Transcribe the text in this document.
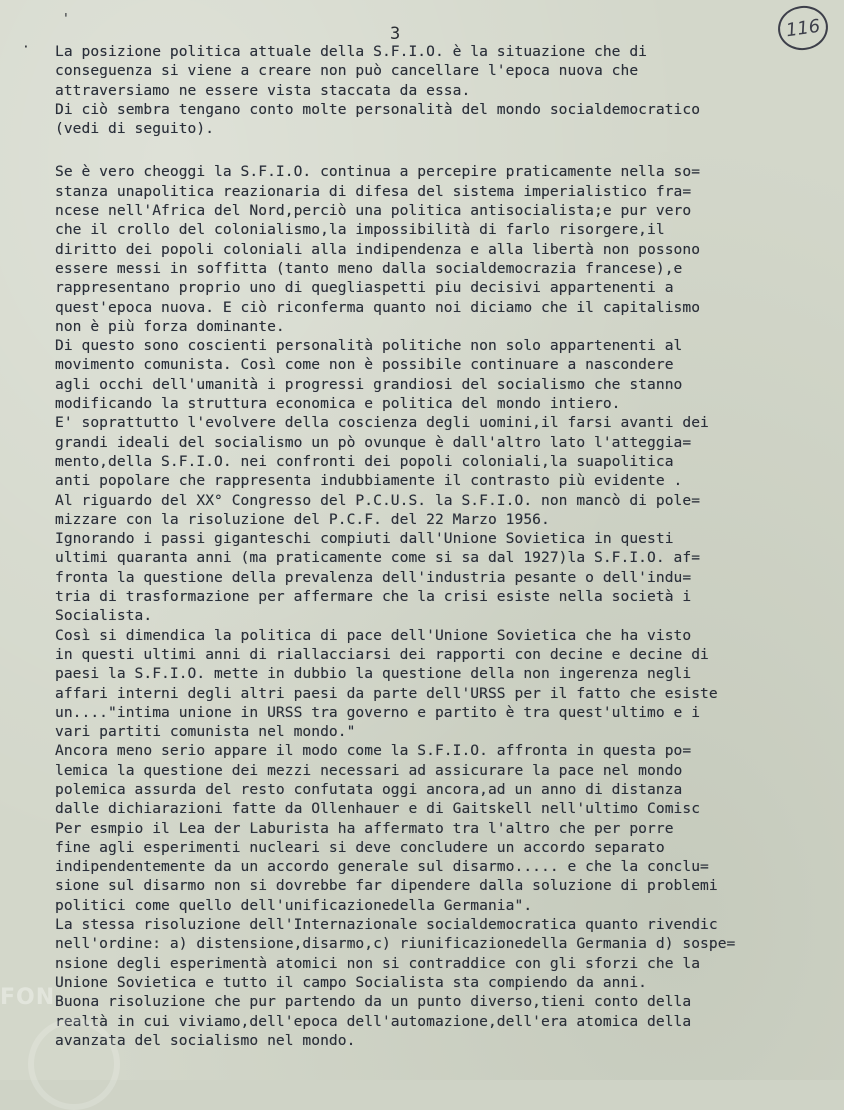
'
·
3	116
La posizione politica attuale della S.F.I.O. è la situazione che di
conseguenza si viene a creare non può cancellare l'epoca nuova che
attraversiamo ne essere vista staccata da essa.
Di ciò sembra tengano conto molte personalità del mondo socialdemocratico
(vedi di seguito).
Se è vero cheoggi la S.F.I.O. continua a percepire praticamente nella so=
stanza unapolitica reazionaria di difesa del sistema imperialistico fra=
ncese nell'Africa del Nord,perciò una politica antisocialista;e pur vero
che il crollo del colonialismo,la impossibilità di farlo risorgere,il
diritto dei popoli coloniali alla indipendenza e alla libertà non possono
essere messi in soffitta (tanto meno dalla socialdemocrazia francese),e
rappresentano proprio uno di quegliaspetti piu decisivi appartenenti a
quest'epoca nuova. E ciò riconferma quanto noi diciamo che il capitalismo
non è più forza dominante.
Di questo sono coscienti personalità politiche non solo appartenenti al
movimento comunista. Così come non è possibile continuare a nascondere
agli occhi dell'umanità i progressi grandiosi del socialismo che stanno
modificando la struttura economica e politica del mondo intiero.
E' soprattutto l'evolvere della coscienza degli uomini,il farsi avanti dei
grandi ideali del socialismo un pò ovunque è dall'altro lato l'atteggia=
mento,della S.F.I.O. nei confronti dei popoli coloniali,la suapolitica
anti popolare che rappresenta indubbiamente il contrasto più evidente .
Al riguardo del XX° Congresso del P.C.U.S. la S.F.I.O. non mancò di pole=
mizzare con la risoluzione del P.C.F. del 22 Marzo 1956.
Ignorando i passi giganteschi compiuti dall'Unione Sovietica in questi
ultimi quaranta anni (ma praticamente come si sa dal 1927)la S.F.I.O. af=
fronta la questione della prevalenza dell'industria pesante o dell'indu=
tria di trasformazione per affermare che la crisi esiste nella società i
Socialista.
Così si dimendica la politica di pace dell'Unione Sovietica che ha visto
in questi ultimi anni di riallacciarsi dei rapporti con decine e decine di
paesi la S.F.I.O. mette in dubbio la questione della non ingerenza negli
affari interni degli altri paesi da parte dell'URSS per il fatto che esiste
un...."intima unione in URSS tra governo e partito è tra quest'ultimo e i
vari partiti comunista nel mondo."
Ancora meno serio appare il modo come la S.F.I.O. affronta in questa po=
lemica la questione dei mezzi necessari ad assicurare la pace nel mondo
polemica assurda del resto confutata oggi ancora,ad un anno di distanza
dalle dichiarazioni fatte da Ollenhauer e di Gaitskell nell'ultimo Comisc
Per esmpio il Lea der Laburista ha affermato tra l'altro che per porre
fine agli esperimenti nucleari si deve concludere un accordo separato
indipendentemente da un accordo generale sul disarmo..... e che la conclu=
sione sul disarmo non si dovrebbe far dipendere dalla soluzione di problemi
politici come quello dell'unificazionedella Germania".
La stessa risoluzione dell'Internazionale socialdemocratica quanto rivendic
nell'ordine: a) distensione,disarmo,c) riunificazionedella Germania d) sospe=
nsione degli esperimentà atomici non si contraddice con gli sforzi che la
Unione Sovietica e tutto il campo Socialista sta compiendo da anni.
Buona risoluzione che pur partendo da un punto diverso,tieni conto della
realtà in cui viviamo,dell'epoca dell'automazione,dell'era atomica della
avanzata del socialismo nel mondo.
FON
